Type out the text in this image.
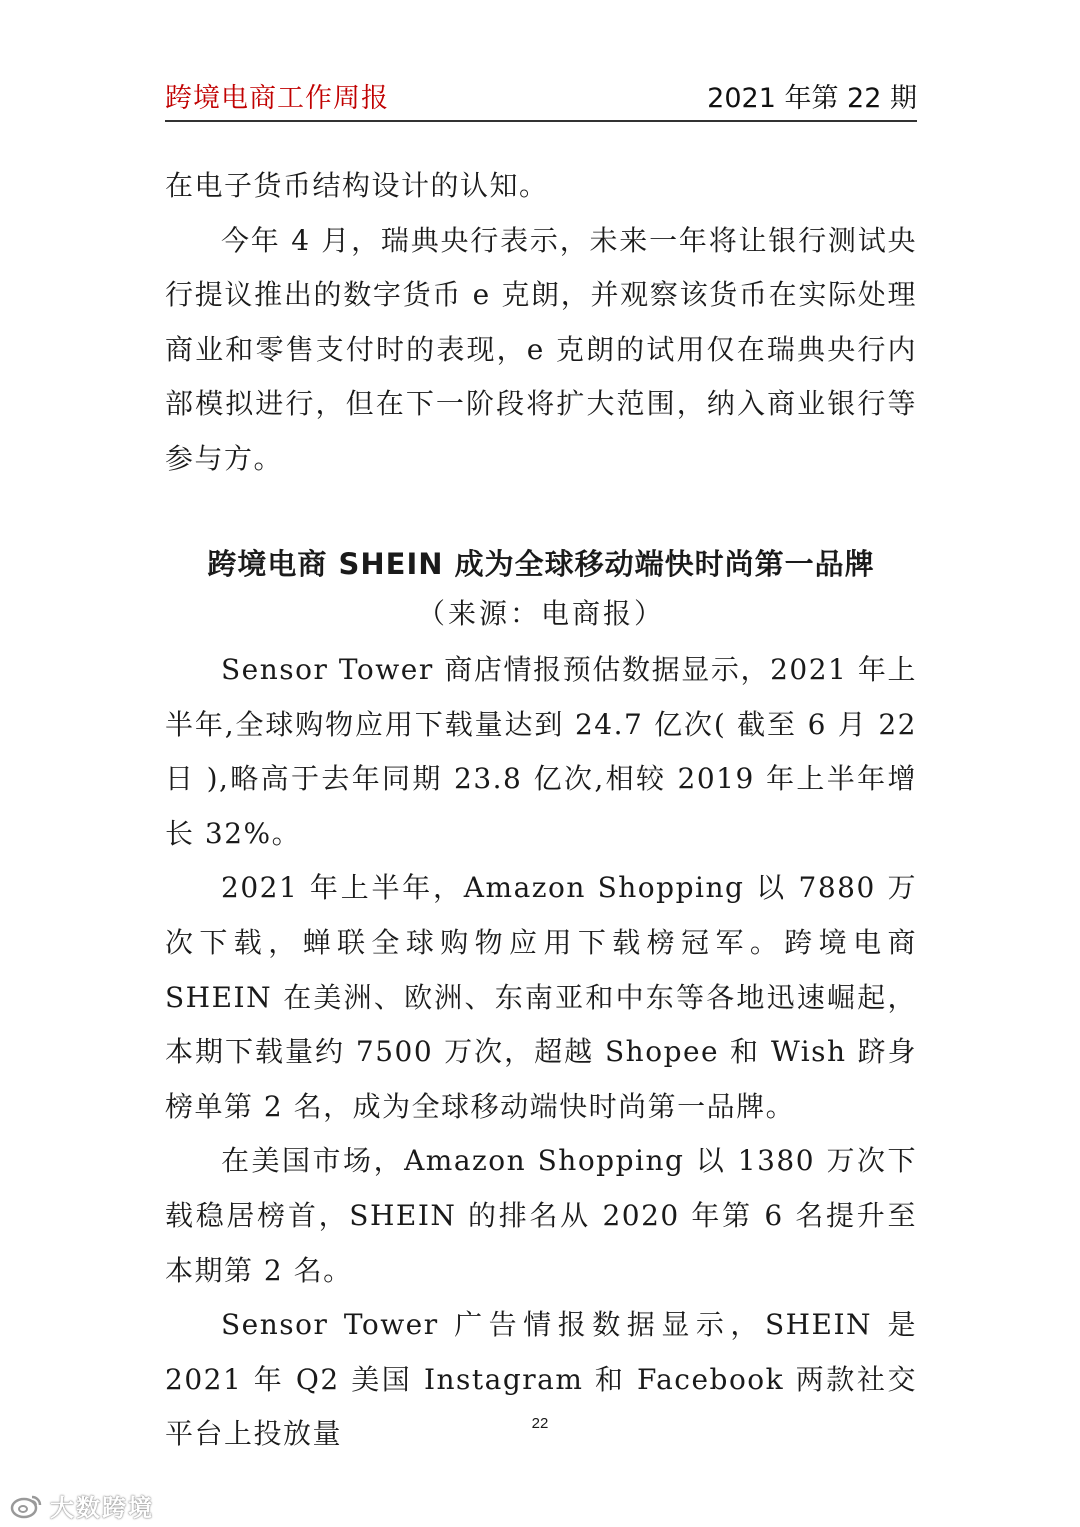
跨境电商工作周报	2021 年第 22 期

在电子货币结构设计的认知。

今年 4 月，瑞典央行表示，未来一年将让银行测试央行提议推出的数字货币 e 克朗，并观察该货币在实际处理商业和零售支付时的表现，e 克朗的试用仅在瑞典央行内部模拟进行，但在下一阶段将扩大范围，纳入商业银行等参与方。

跨境电商 SHEIN 成为全球移动端快时尚第一品牌
（来源：电商报）

Sensor Tower 商店情报预估数据显示，2021 年上半年,全球购物应用下载量达到 24.7 亿次( 截至 6 月 22 日 ),略高于去年同期 23.8 亿次,相较 2019 年上半年增长 32%。

2021 年上半年，Amazon Shopping 以 7880 万次下载，蝉联全球购物应用下载榜冠军。跨境电商 SHEIN 在美洲、欧洲、东南亚和中东等各地迅速崛起，本期下载量约 7500 万次，超越 Shopee 和 Wish 跻身榜单第 2 名，成为全球移动端快时尚第一品牌。

在美国市场，Amazon Shopping 以 1380 万次下载稳居榜首，SHEIN 的排名从 2020 年第 6 名提升至本期第 2 名。

Sensor Tower 广告情报数据显示，SHEIN 是 2021 年 Q2 美国 Instagram 和 Facebook 两款社交平台上投放量	22
大数跨境
